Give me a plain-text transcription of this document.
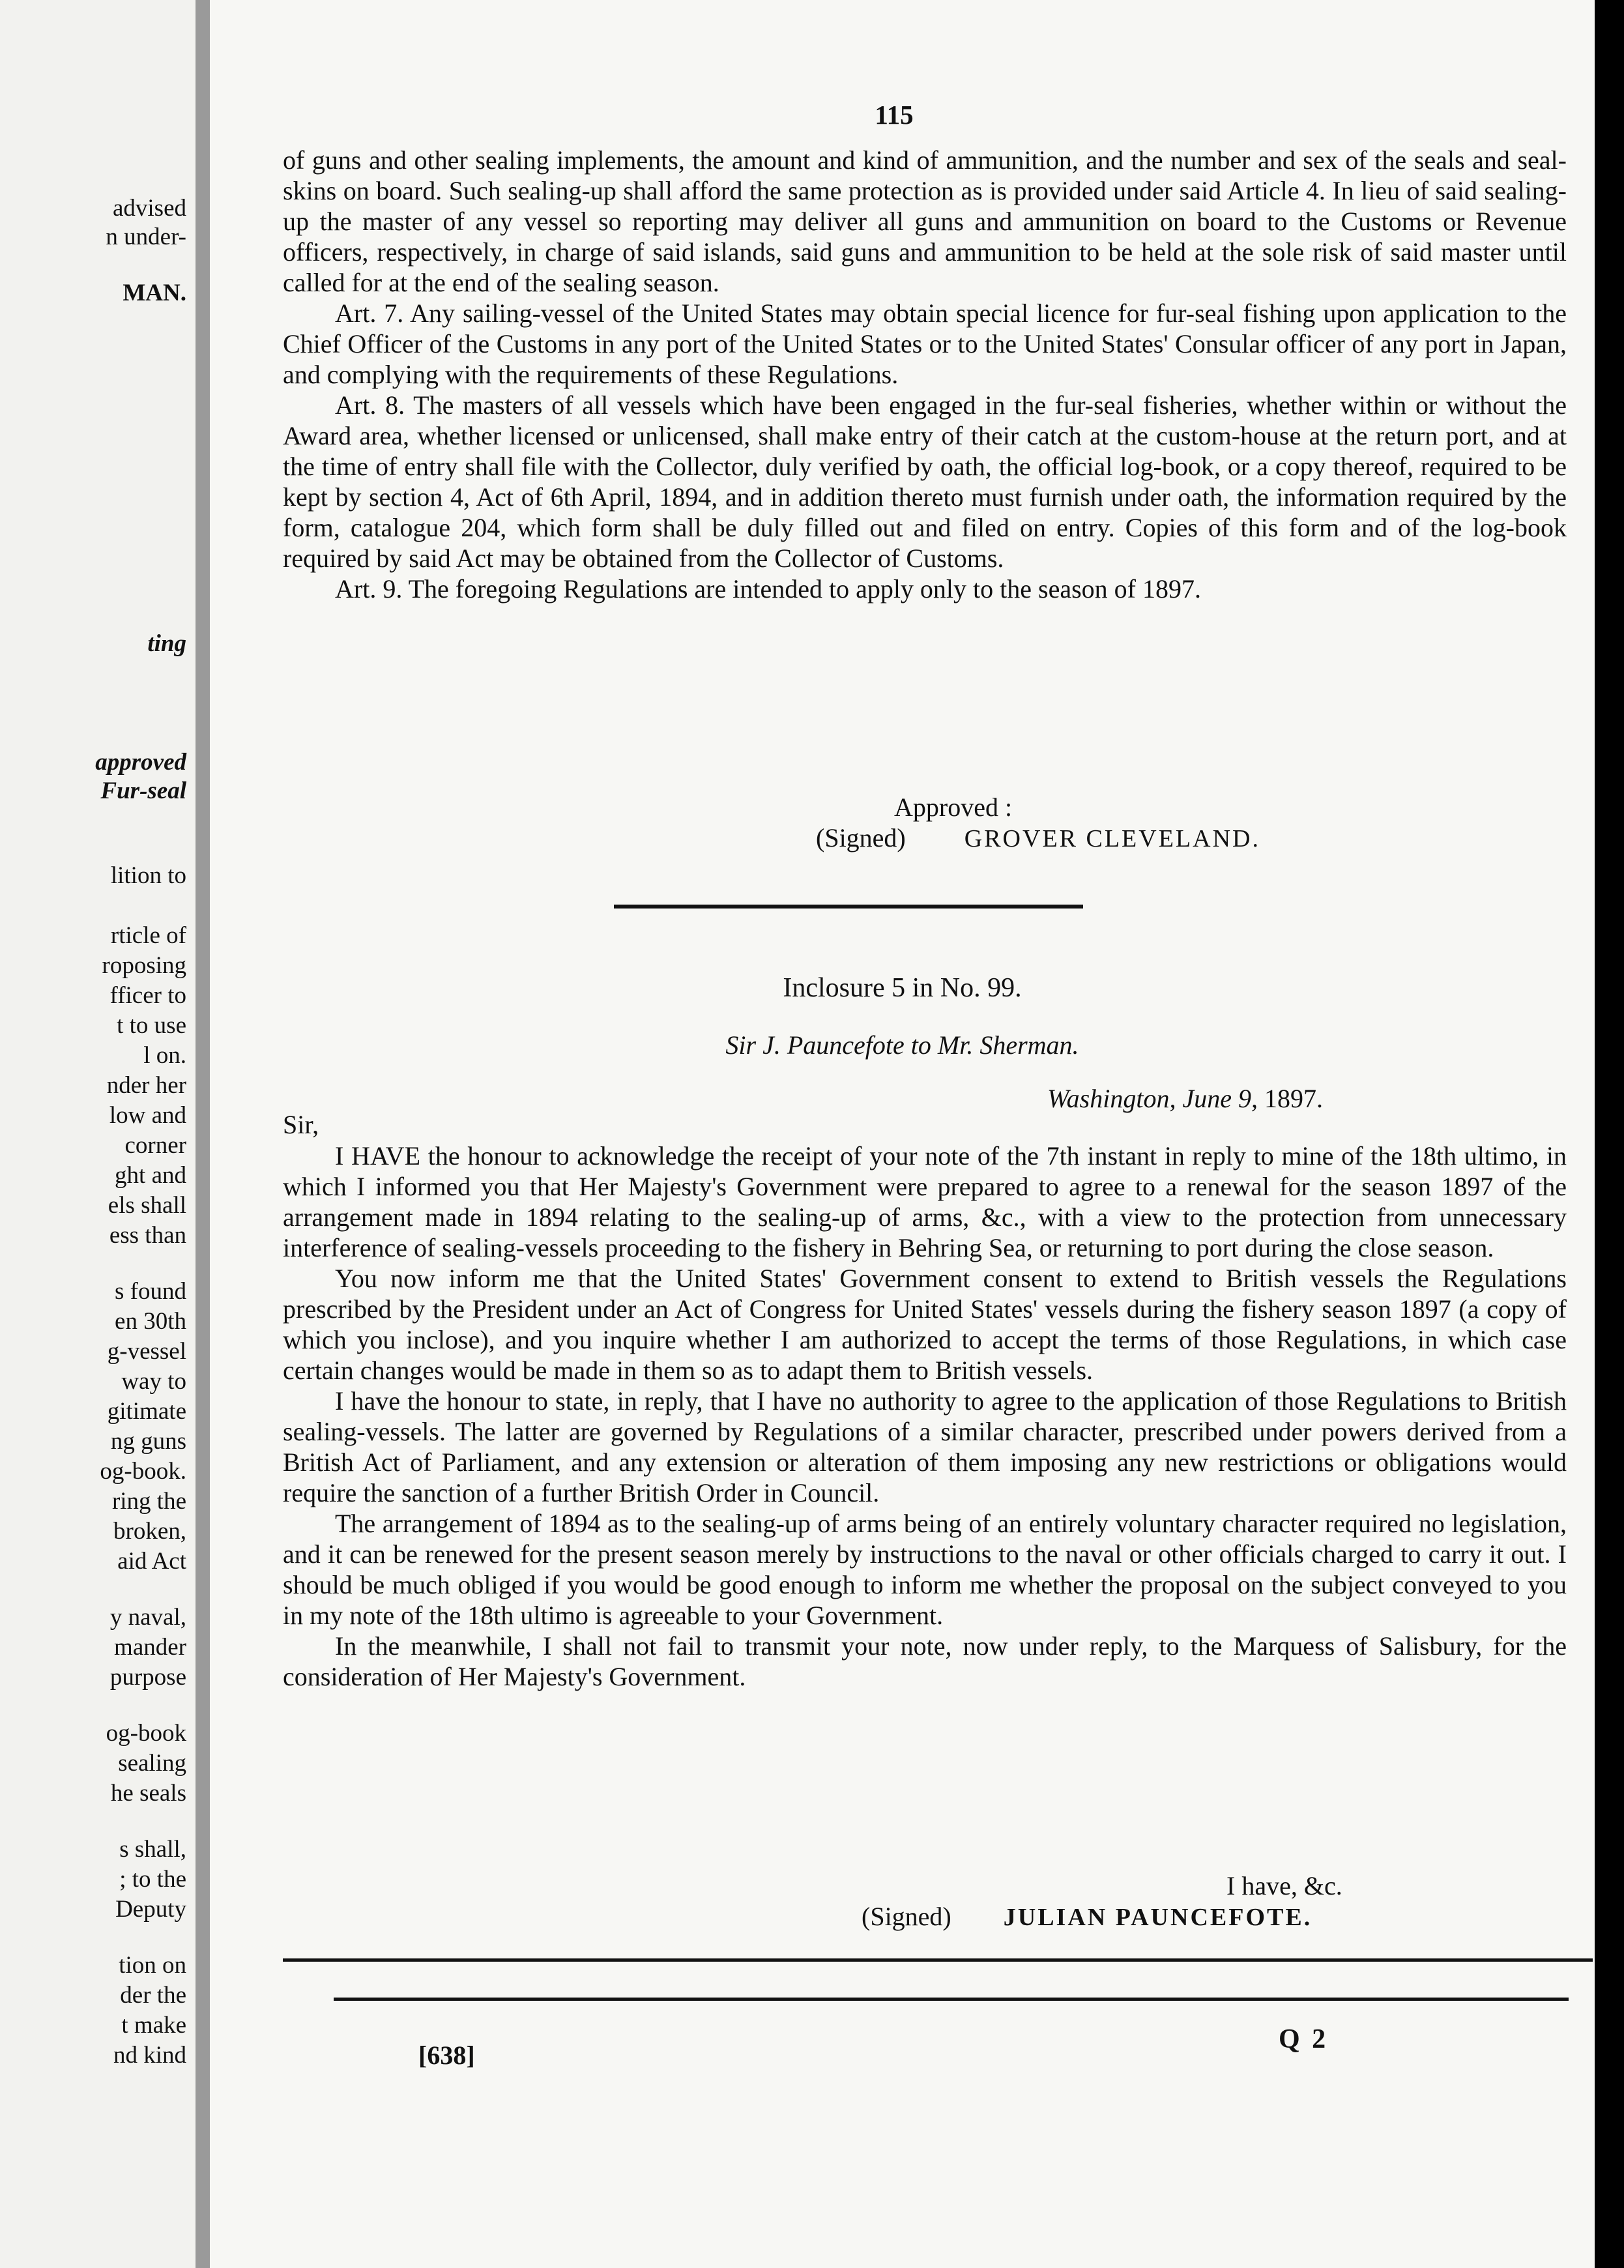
advised
n under-
MAN.
ting
approved
Fur-seal
lition to
rticle of
roposing
fficer to
t to use
l on.
nder her
low and
corner
ght and
els shall
ess than
s found
en 30th
g-vessel
way to
gitimate
ng guns
og-book.
ring the
broken,
aid Act
y naval,
mander
purpose
og-book
sealing
he seals
s shall,
; to the
Deputy
tion on
der the
t make
nd kind
115

of guns and other sealing implements, the amount and kind of ammunition, and the number and sex of the seals and seal-skins on board. Such sealing-up shall afford the same protection as is provided under said Article 4. In lieu of said sealing-up the master of any vessel so reporting may deliver all guns and ammunition on board to the Customs or Revenue officers, respectively, in charge of said islands, said guns and ammunition to be held at the sole risk of said master until called for at the end of the sealing season.

Art. 7. Any sailing-vessel of the United States may obtain special licence for fur-seal fishing upon application to the Chief Officer of the Customs in any port of the United States or to the United States' Consular officer of any port in Japan, and complying with the requirements of these Regulations.

Art. 8. The masters of all vessels which have been engaged in the fur-seal fisheries, whether within or without the Award area, whether licensed or unlicensed, shall make entry of their catch at the custom-house at the return port, and at the time of entry shall file with the Collector, duly verified by oath, the official log-book, or a copy thereof, required to be kept by section 4, Act of 6th April, 1894, and in addition thereto must furnish under oath, the information required by the form, catalogue 204, which form shall be duly filled out and filed on entry. Copies of this form and of the log-book required by said Act may be obtained from the Collector of Customs.

Art. 9. The foregoing Regulations are intended to apply only to the season of 1897.

Approved :
(Signed) GROVER CLEVELAND.
Inclosure 5 in No. 99.
Sir J. Pauncefote to Mr. Sherman.
Washington, June 9, 1897.
Sir,

I HAVE the honour to acknowledge the receipt of your note of the 7th instant in reply to mine of the 18th ultimo, in which I informed you that Her Majesty's Government were prepared to agree to a renewal for the season 1897 of the arrangement made in 1894 relating to the sealing-up of arms, &c., with a view to the protection from unnecessary interference of sealing-vessels proceeding to the fishery in Behring Sea, or returning to port during the close season.

You now inform me that the United States' Government consent to extend to British vessels the Regulations prescribed by the President under an Act of Congress for United States' vessels during the fishery season 1897 (a copy of which you inclose), and you inquire whether I am authorized to accept the terms of those Regulations, in which case certain changes would be made in them so as to adapt them to British vessels.

I have the honour to state, in reply, that I have no authority to agree to the application of those Regulations to British sealing-vessels. The latter are governed by Regulations of a similar character, prescribed under powers derived from a British Act of Parliament, and any extension or alteration of them imposing any new restrictions or obligations would require the sanction of a further British Order in Council.

The arrangement of 1894 as to the sealing-up of arms being of an entirely voluntary character required no legislation, and it can be renewed for the present season merely by instructions to the naval or other officials charged to carry it out. I should be much obliged if you would be good enough to inform me whether the proposal on the subject conveyed to you in my note of the 18th ultimo is agreeable to your Government.

In the meanwhile, I shall not fail to transmit your note, now under reply, to the Marquess of Salisbury, for the consideration of Her Majesty's Government.

I have, &c.
(Signed) JULIAN PAUNCEFOTE.
[638]
Q 2
